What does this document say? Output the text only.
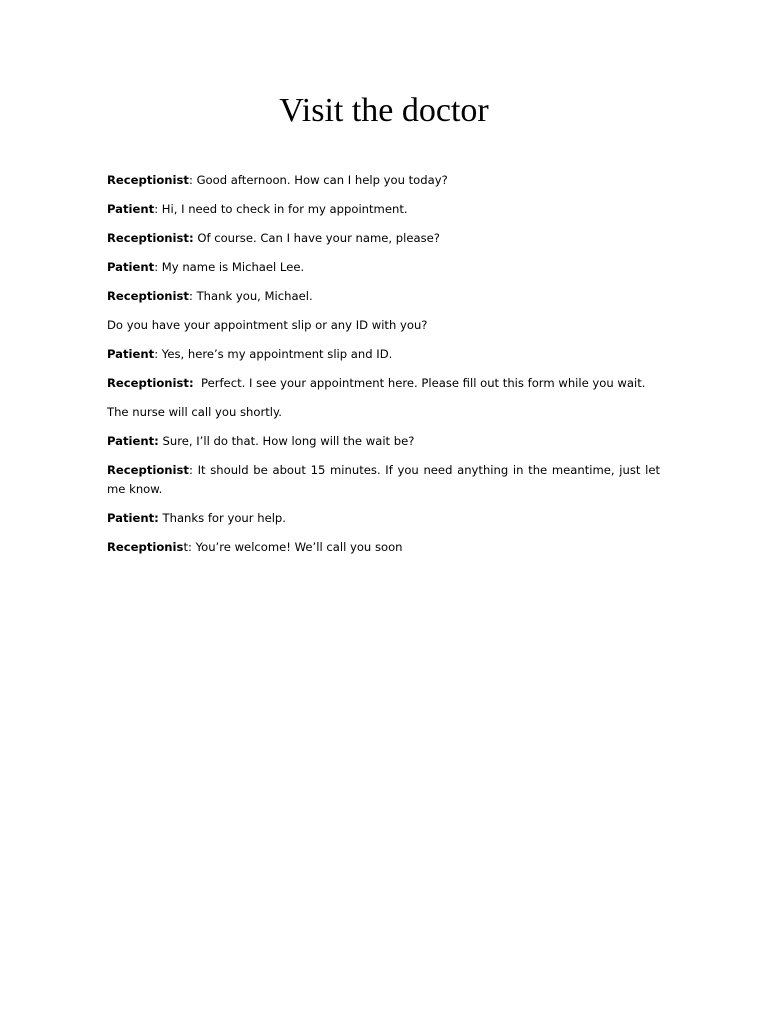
Visit the doctor

Receptionist: Good afternoon. How can I help you today?

Patient: Hi, I need to check in for my appointment.

Receptionist: Of course. Can I have your name, please?

Patient: My name is Michael Lee.

Receptionist: Thank you, Michael.

Do you have your appointment slip or any ID with you?

Patient: Yes, here’s my appointment slip and ID.

Receptionist: Perfect. I see your appointment here. Please fill out this form while you wait.

The nurse will call you shortly.

Patient: Sure, I’ll do that. How long will the wait be?

Receptionist: It should be about 15 minutes. If you need anything in the meantime, just let me know.

Patient: Thanks for your help.

Receptionist: You’re welcome! We’ll call you soon
